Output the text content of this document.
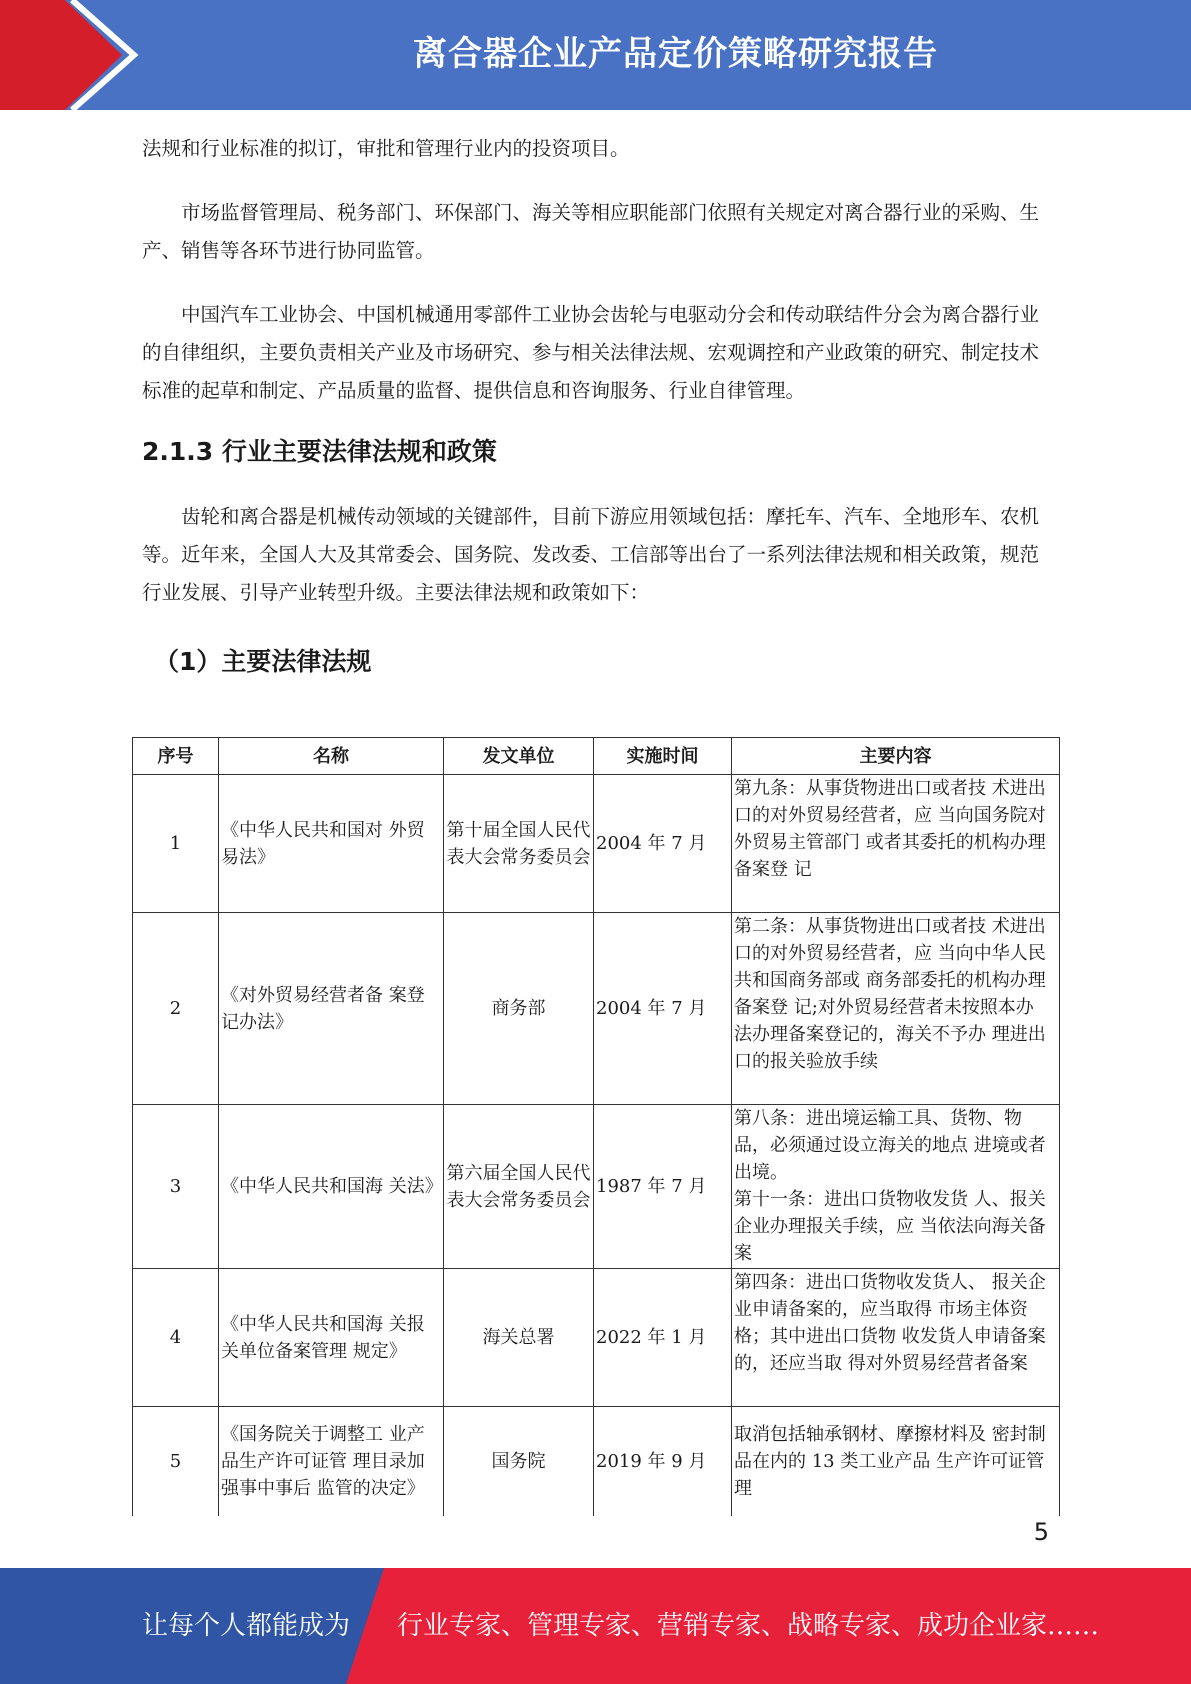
离合器企业产品定价策略研究报告

法规和行业标准的拟订，审批和管理行业内的投资项目。

市场监督管理局、税务部门、环保部门、海关等相应职能部门依照有关规定对离合器行业的采购、生产、销售等各环节进行协同监管。

中国汽车工业协会、中国机械通用零部件工业协会齿轮与电驱动分会和传动联结件分会为离合器行业的自律组织，主要负责相关产业及市场研究、参与相关法律法规、宏观调控和产业政策的研究、制定技术标准的起草和制定、产品质量的监督、提供信息和咨询服务、行业自律管理。

2.1.3 行业主要法律法规和政策

齿轮和离合器是机械传动领域的关键部件，目前下游应用领域包括：摩托车、汽车、全地形车、农机等。近年来，全国人大及其常委会、国务院、发改委、工信部等出台了一系列法律法规和相关政策，规范行业发展、引导产业转型升级。主要法律法规和政策如下：

（1）主要法律法规
序号	名称	发文单位	实施时间	主要内容
1	《中华人民共和国对 外贸易法》	第十届全国人民代表大会常务委员会	2004 年 7 月	第九条：从事货物进出口或者技 术进出口的对外贸易经营者，应 当向国务院对外贸易主管部门 或者其委托的机构办理备案登 记
2	《对外贸易经营者备 案登记办法》	商务部	2004 年 7 月	第二条：从事货物进出口或者技 术进出口的对外贸易经营者，应 当向中华人民共和国商务部或 商务部委托的机构办理备案登 记;对外贸易经营者未按照本办 法办理备案登记的，海关不予办 理进出口的报关验放手续
3	《中华人民共和国海 关法》	第六届全国人民代表大会常务委员会	1987 年 7 月	第八条：进出境运输工具、货物、物品，必须通过设立海关的地点 进境或者出境。
第十一条：进出口货物收发货 人、报关企业办理报关手续，应 当依法向海关备案
4	《中华人民共和国海 关报关单位备案管理 规定》	海关总署	2022 年 1 月	第四条：进出口货物收发货人、 报关企业申请备案的，应当取得 市场主体资格；其中进出口货物 收发货人申请备案的，还应当取 得对外贸易经营者备案
5	《国务院关于调整工 业产品生产许可证管 理目录加强事中事后 监管的决定》	国务院	2019 年 9 月	取消包括轴承钢材、摩擦材料及 密封制品在内的 13 类工业产品 生产许可证管理
5
让每个人都能成为 行业专家、管理专家、营销专家、战略专家、成功企业家……
